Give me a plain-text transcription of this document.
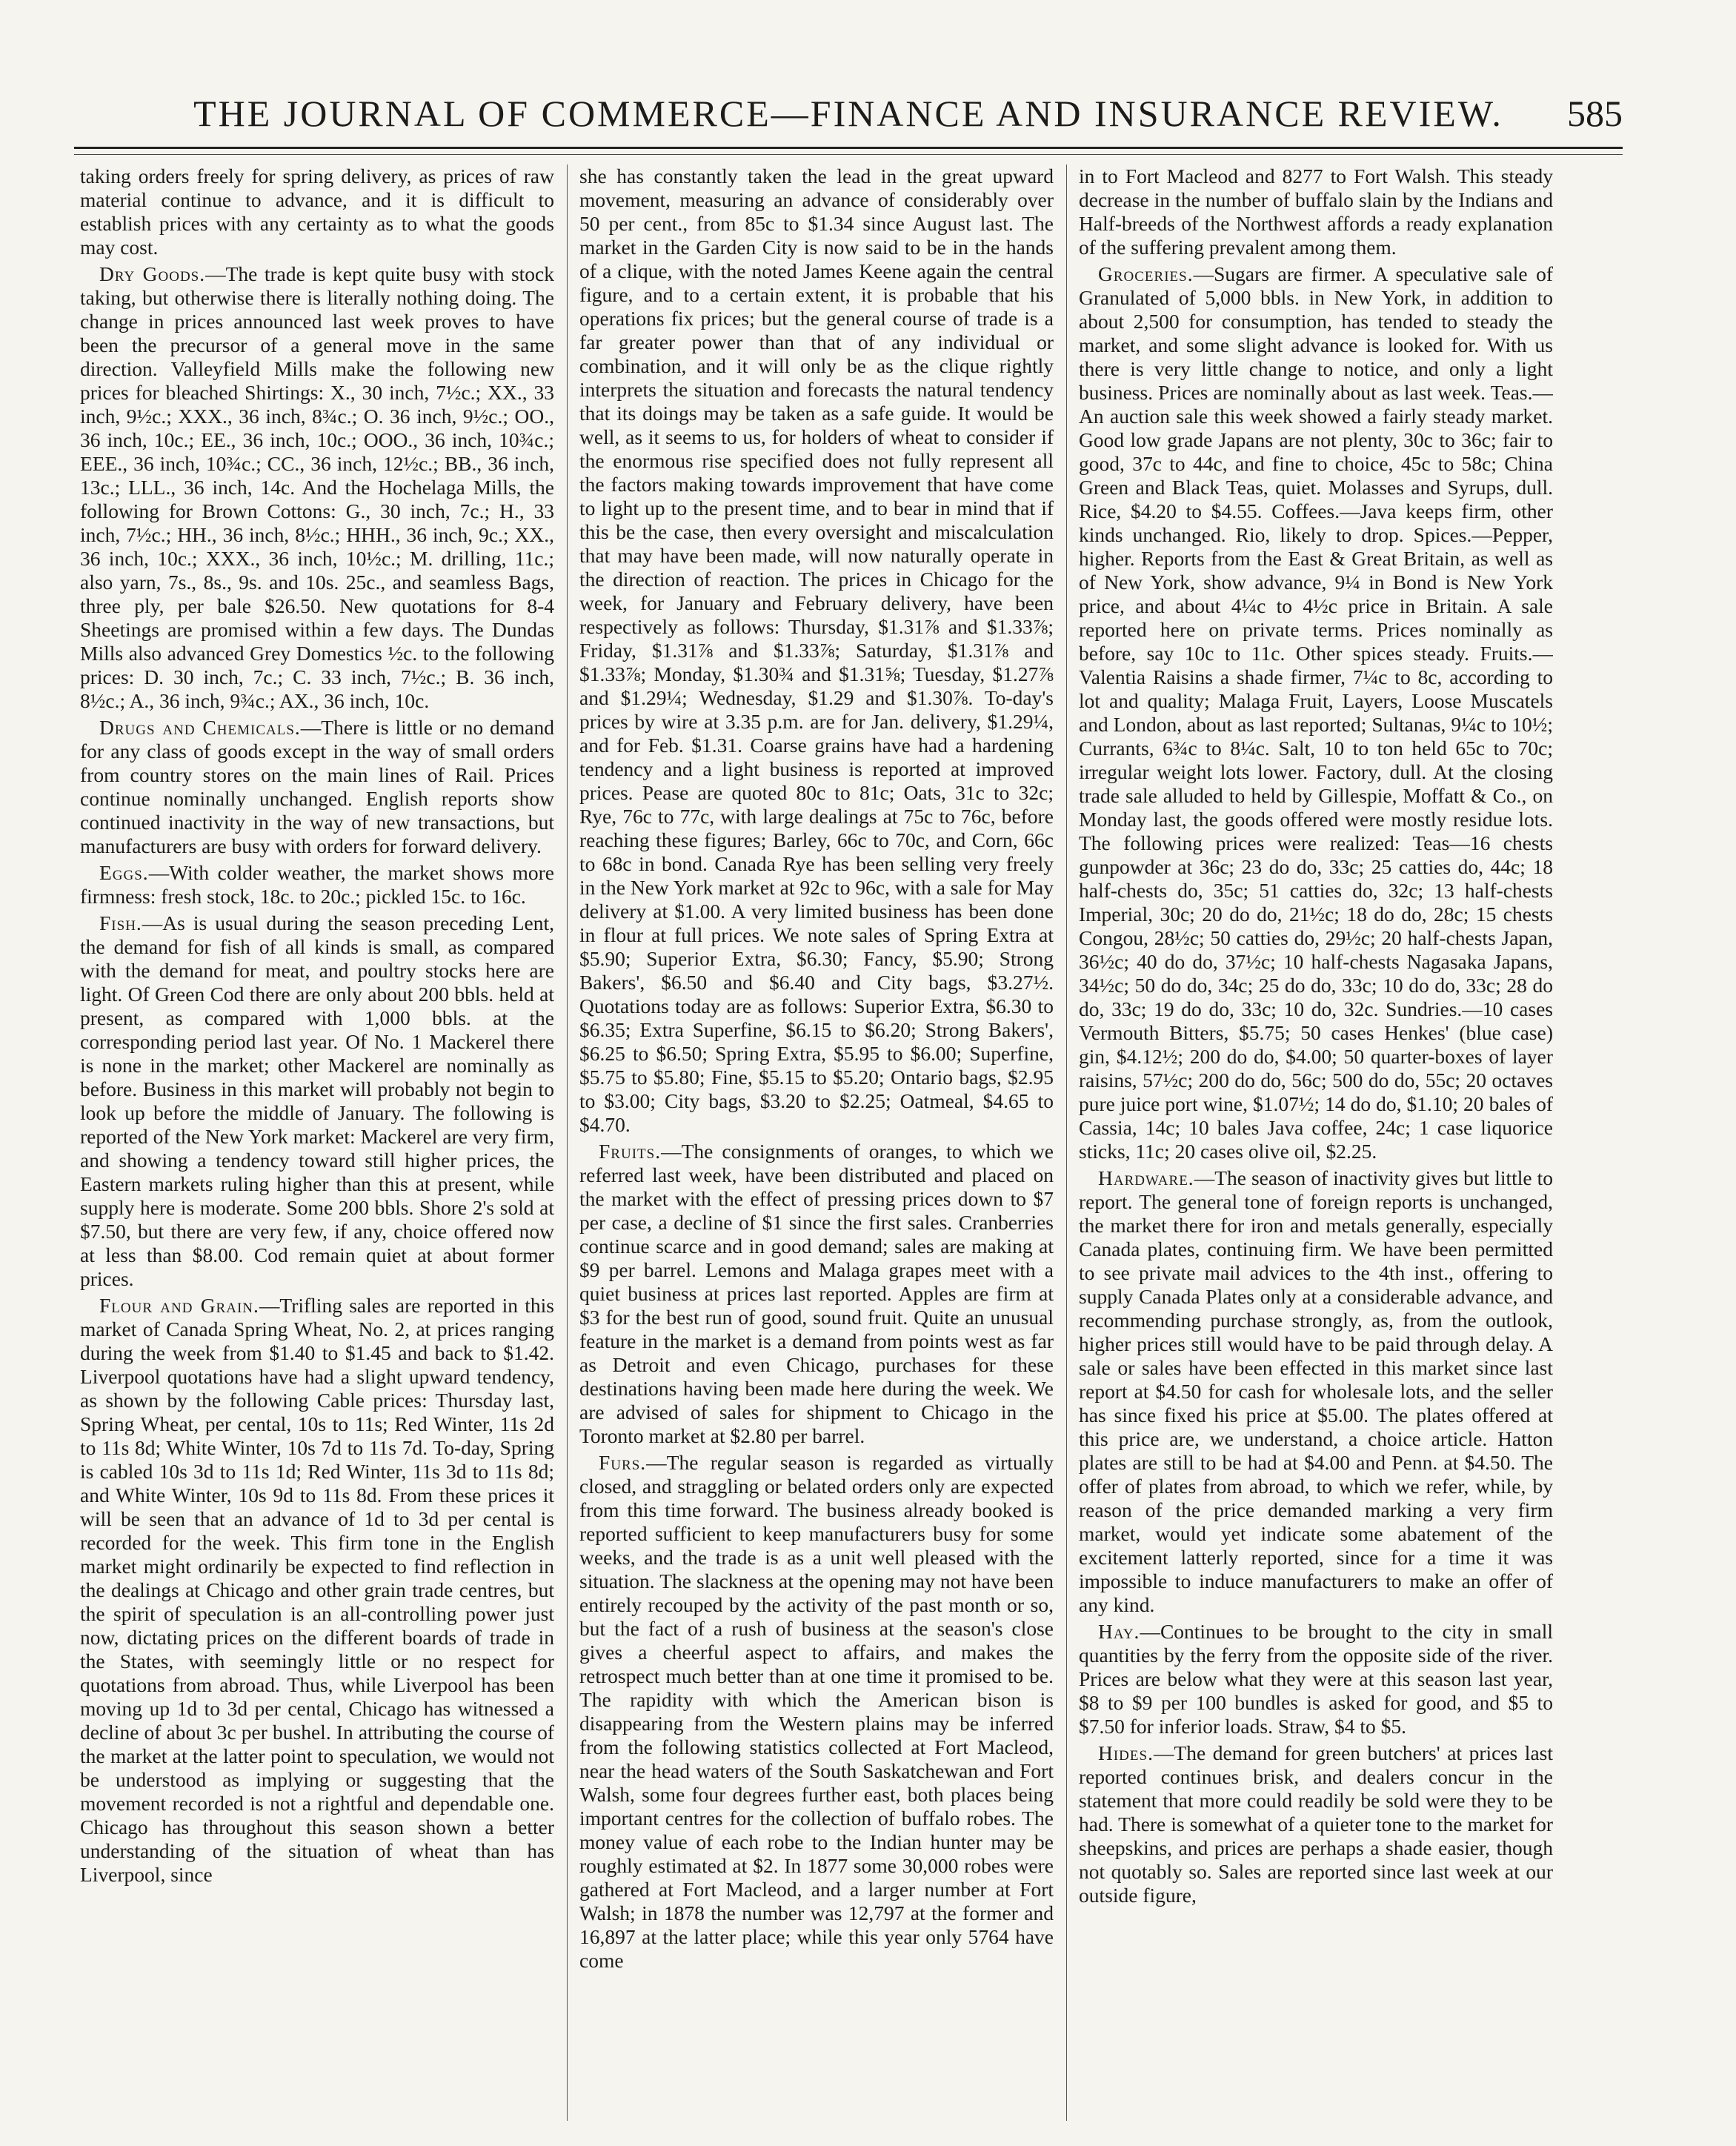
THE JOURNAL OF COMMERCE—FINANCE AND INSURANCE REVIEW.	585

taking orders freely for spring delivery, as prices of raw material continue to advance, and it is difficult to establish prices with any certainty as to what the goods may cost.

Dry Goods.—The trade is kept quite busy with stock taking, but otherwise there is literally nothing doing. The change in prices announced last week proves to have been the precursor of a general move in the same direction. Valleyfield Mills make the following new prices for bleached Shirtings: X., 30 inch, 7½c.; XX., 33 inch, 9½c.; XXX., 36 inch, 8¾c.; O. 36 inch, 9½c.; OO., 36 inch, 10c.; EE., 36 inch, 10c.; OOO., 36 inch, 10¾c.; EEE., 36 inch, 10¾c.; CC., 36 inch, 12½c.; BB., 36 inch, 13c.; LLL., 36 inch, 14c. And the Hochelaga Mills, the following for Brown Cottons: G., 30 inch, 7c.; H., 33 inch, 7½c.; HH., 36 inch, 8½c.; HHH., 36 inch, 9c.; XX., 36 inch, 10c.; XXX., 36 inch, 10½c.; M. drilling, 11c.; also yarn, 7s., 8s., 9s. and 10s. 25c., and seamless Bags, three ply, per bale $26.50. New quotations for 8-4 Sheetings are promised within a few days. The Dundas Mills also advanced Grey Domestics ½c. to the following prices: D. 30 inch, 7c.; C. 33 inch, 7½c.; B. 36 inch, 8½c.; A., 36 inch, 9¾c.; AX., 36 inch, 10c.

Drugs and Chemicals.—There is little or no demand for any class of goods except in the way of small orders from country stores on the main lines of Rail. Prices continue nominally unchanged. English reports show continued inactivity in the way of new transactions, but manufacturers are busy with orders for forward delivery.

Eggs.—With colder weather, the market shows more firmness: fresh stock, 18c. to 20c.; pickled 15c. to 16c.

Fish.—As is usual during the season preceding Lent, the demand for fish of all kinds is small, as compared with the demand for meat, and poultry stocks here are light. Of Green Cod there are only about 200 bbls. held at present, as compared with 1,000 bbls. at the corresponding period last year. Of No. 1 Mackerel there is none in the market; other Mackerel are nominally as before. Business in this market will probably not begin to look up before the middle of January. The following is reported of the New York market: Mackerel are very firm, and showing a tendency toward still higher prices, the Eastern markets ruling higher than this at present, while supply here is moderate. Some 200 bbls. Shore 2's sold at $7.50, but there are very few, if any, choice offered now at less than $8.00. Cod remain quiet at about former prices.

Flour and Grain.—Trifling sales are reported in this market of Canada Spring Wheat, No. 2, at prices ranging during the week from $1.40 to $1.45 and back to $1.42. Liverpool quotations have had a slight upward tendency, as shown by the following Cable prices: Thursday last, Spring Wheat, per cental, 10s to 11s; Red Winter, 11s 2d to 11s 8d; White Winter, 10s 7d to 11s 7d. To-day, Spring is cabled 10s 3d to 11s 1d; Red Winter, 11s 3d to 11s 8d; and White Winter, 10s 9d to 11s 8d. From these prices it will be seen that an advance of 1d to 3d per cental is recorded for the week. This firm tone in the English market might ordinarily be expected to find reflection in the dealings at Chicago and other grain trade centres, but the spirit of speculation is an all-controlling power just now, dictating prices on the different boards of trade in the States, with seemingly little or no respect for quotations from abroad. Thus, while Liverpool has been moving up 1d to 3d per cental, Chicago has witnessed a decline of about 3c per bushel. In attributing the course of the market at the latter point to speculation, we would not be understood as implying or suggesting that the movement recorded is not a rightful and dependable one. Chicago has throughout this season shown a better understanding of the situation of wheat than has Liverpool, since

she has constantly taken the lead in the great upward movement, measuring an advance of considerably over 50 per cent., from 85c to $1.34 since August last. The market in the Garden City is now said to be in the hands of a clique, with the noted James Keene again the central figure, and to a certain extent, it is probable that his operations fix prices; but the general course of trade is a far greater power than that of any individual or combination, and it will only be as the clique rightly interprets the situation and forecasts the natural tendency that its doings may be taken as a safe guide. It would be well, as it seems to us, for holders of wheat to consider if the enormous rise specified does not fully represent all the factors making towards improvement that have come to light up to the present time, and to bear in mind that if this be the case, then every oversight and miscalculation that may have been made, will now naturally operate in the direction of reaction. The prices in Chicago for the week, for January and February delivery, have been respectively as follows: Thursday, $1.31⅞ and $1.33⅞; Friday, $1.31⅞ and $1.33⅞; Saturday, $1.31⅞ and $1.33⅞; Monday, $1.30¾ and $1.31⅝; Tuesday, $1.27⅞ and $1.29¼; Wednesday, $1.29 and $1.30⅞. To-day's prices by wire at 3.35 p.m. are for Jan. delivery, $1.29¼, and for Feb. $1.31. Coarse grains have had a hardening tendency and a light business is reported at improved prices. Pease are quoted 80c to 81c; Oats, 31c to 32c; Rye, 76c to 77c, with large dealings at 75c to 76c, before reaching these figures; Barley, 66c to 70c, and Corn, 66c to 68c in bond. Canada Rye has been selling very freely in the New York market at 92c to 96c, with a sale for May delivery at $1.00. A very limited business has been done in flour at full prices. We note sales of Spring Extra at $5.90; Superior Extra, $6.30; Fancy, $5.90; Strong Bakers', $6.50 and $6.40 and City bags, $3.27½. Quotations today are as follows: Superior Extra, $6.30 to $6.35; Extra Superfine, $6.15 to $6.20; Strong Bakers', $6.25 to $6.50; Spring Extra, $5.95 to $6.00; Superfine, $5.75 to $5.80; Fine, $5.15 to $5.20; Ontario bags, $2.95 to $3.00; City bags, $3.20 to $2.25; Oatmeal, $4.65 to $4.70.

Fruits.—The consignments of oranges, to which we referred last week, have been distributed and placed on the market with the effect of pressing prices down to $7 per case, a decline of $1 since the first sales. Cranberries continue scarce and in good demand; sales are making at $9 per barrel. Lemons and Malaga grapes meet with a quiet business at prices last reported. Apples are firm at $3 for the best run of good, sound fruit. Quite an unusual feature in the market is a demand from points west as far as Detroit and even Chicago, purchases for these destinations having been made here during the week. We are advised of sales for shipment to Chicago in the Toronto market at $2.80 per barrel.

Furs.—The regular season is regarded as virtually closed, and straggling or belated orders only are expected from this time forward. The business already booked is reported sufficient to keep manufacturers busy for some weeks, and the trade is as a unit well pleased with the situation. The slackness at the opening may not have been entirely recouped by the activity of the past month or so, but the fact of a rush of business at the season's close gives a cheerful aspect to affairs, and makes the retrospect much better than at one time it promised to be. The rapidity with which the American bison is disappearing from the Western plains may be inferred from the following statistics collected at Fort Macleod, near the head waters of the South Saskatchewan and Fort Walsh, some four degrees further east, both places being important centres for the collection of buffalo robes. The money value of each robe to the Indian hunter may be roughly estimated at $2. In 1877 some 30,000 robes were gathered at Fort Macleod, and a larger number at Fort Walsh; in 1878 the number was 12,797 at the former and 16,897 at the latter place; while this year only 5764 have come

in to Fort Macleod and 8277 to Fort Walsh. This steady decrease in the number of buffalo slain by the Indians and Half-breeds of the Northwest affords a ready explanation of the suffering prevalent among them.

Groceries.—Sugars are firmer. A speculative sale of Granulated of 5,000 bbls. in New York, in addition to about 2,500 for consumption, has tended to steady the market, and some slight advance is looked for. With us there is very little change to notice, and only a light business. Prices are nominally about as last week. Teas.—An auction sale this week showed a fairly steady market. Good low grade Japans are not plenty, 30c to 36c; fair to good, 37c to 44c, and fine to choice, 45c to 58c; China Green and Black Teas, quiet. Molasses and Syrups, dull. Rice, $4.20 to $4.55. Coffees.—Java keeps firm, other kinds unchanged. Rio, likely to drop. Spices.—Pepper, higher. Reports from the East & Great Britain, as well as of New York, show advance, 9¼ in Bond is New York price, and about 4¼c to 4½c price in Britain. A sale reported here on private terms. Prices nominally as before, say 10c to 11c. Other spices steady. Fruits.—Valentia Raisins a shade firmer, 7¼c to 8c, according to lot and quality; Malaga Fruit, Layers, Loose Muscatels and London, about as last reported; Sultanas, 9¼c to 10½; Currants, 6¾c to 8¼c. Salt, 10 to ton held 65c to 70c; irregular weight lots lower. Factory, dull. At the closing trade sale alluded to held by Gillespie, Moffatt & Co., on Monday last, the goods offered were mostly residue lots. The following prices were realized: Teas—16 chests gunpowder at 36c; 23 do do, 33c; 25 catties do, 44c; 18 half-chests do, 35c; 51 catties do, 32c; 13 half-chests Imperial, 30c; 20 do do, 21½c; 18 do do, 28c; 15 chests Congou, 28½c; 50 catties do, 29½c; 20 half-chests Japan, 36½c; 40 do do, 37½c; 10 half-chests Nagasaka Japans, 34½c; 50 do do, 34c; 25 do do, 33c; 10 do do, 33c; 28 do do, 33c; 19 do do, 33c; 10 do, 32c. Sundries.—10 cases Vermouth Bitters, $5.75; 50 cases Henkes' (blue case) gin, $4.12½; 200 do do, $4.00; 50 quarter-boxes of layer raisins, 57½c; 200 do do, 56c; 500 do do, 55c; 20 octaves pure juice port wine, $1.07½; 14 do do, $1.10; 20 bales of Cassia, 14c; 10 bales Java coffee, 24c; 1 case liquorice sticks, 11c; 20 cases olive oil, $2.25.

Hardware.—The season of inactivity gives but little to report. The general tone of foreign reports is unchanged, the market there for iron and metals generally, especially Canada plates, continuing firm. We have been permitted to see private mail advices to the 4th inst., offering to supply Canada Plates only at a considerable advance, and recommending purchase strongly, as, from the outlook, higher prices still would have to be paid through delay. A sale or sales have been effected in this market since last report at $4.50 for cash for wholesale lots, and the seller has since fixed his price at $5.00. The plates offered at this price are, we understand, a choice article. Hatton plates are still to be had at $4.00 and Penn. at $4.50. The offer of plates from abroad, to which we refer, while, by reason of the price demanded marking a very firm market, would yet indicate some abatement of the excitement latterly reported, since for a time it was impossible to induce manufacturers to make an offer of any kind.

Hay.—Continues to be brought to the city in small quantities by the ferry from the opposite side of the river. Prices are below what they were at this season last year, $8 to $9 per 100 bundles is asked for good, and $5 to $7.50 for inferior loads. Straw, $4 to $5.

Hides.—The demand for green butchers' at prices last reported continues brisk, and dealers concur in the statement that more could readily be sold were they to be had. There is somewhat of a quieter tone to the market for sheepskins, and prices are perhaps a shade easier, though not quotably so. Sales are reported since last week at our outside figure,
